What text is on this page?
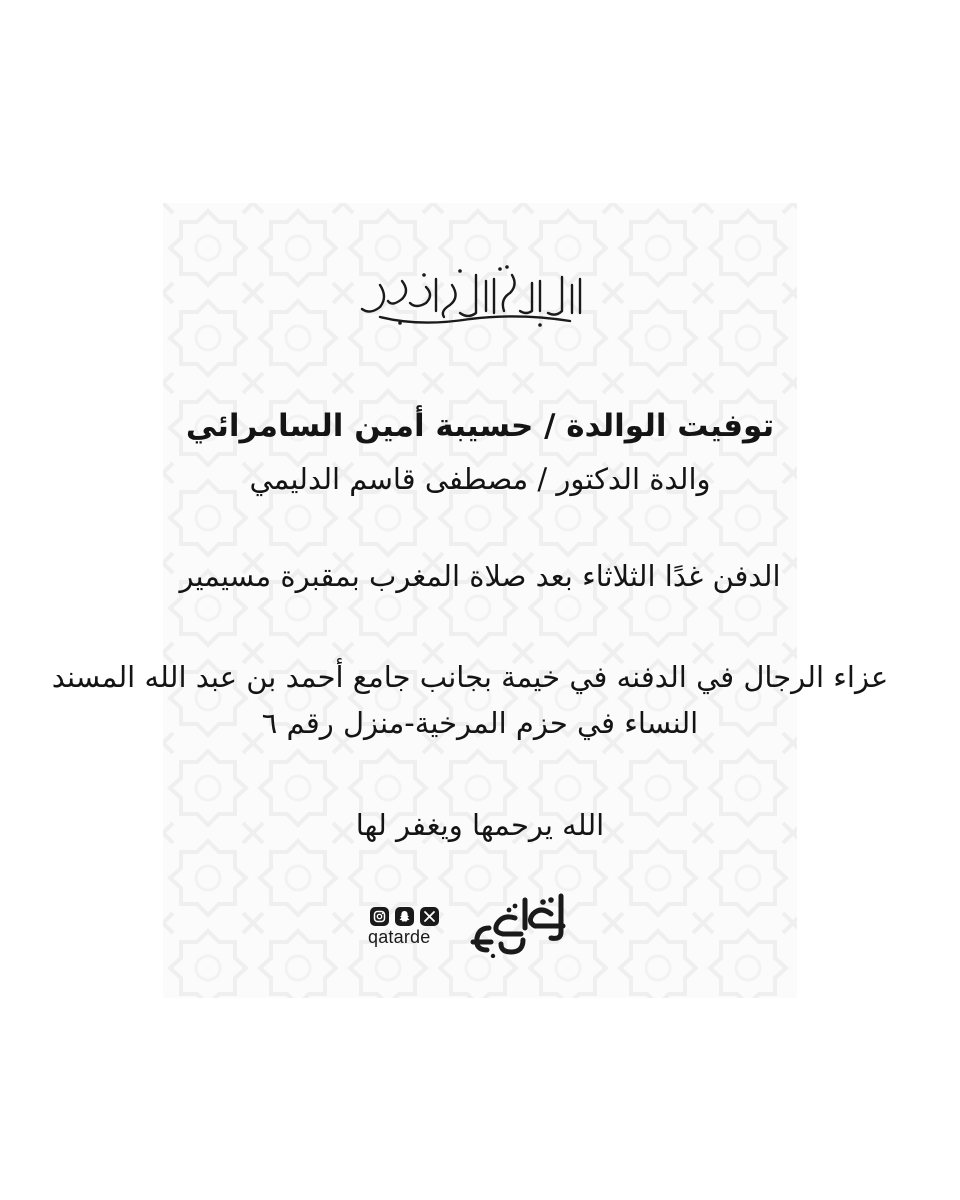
توفيت الوالدة / حسيبة أمين السامرائي
والدة الدكتور / مصطفى قاسم الدليمي
الدفن غدًا الثلاثاء بعد صلاة المغرب بمقبرة مسيمير
عزاء الرجال في الدفنه في خيمة بجانب جامع أحمد بن عبد الله المسند
النساء في حزم المرخية-منزل رقم ٦
الله يرحمها ويغفر لها
qatarde
